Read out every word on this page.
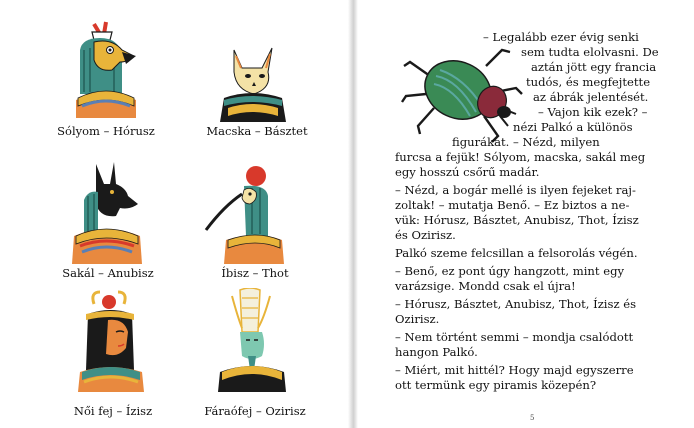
Sólyom – Hórusz	Macska – Básztet
Sakál – Anubisz	Íbisz – Thot
Női fej – Ízisz	Fáraófej – Ozirisz
– Legalább ezer évig senki
sem tudta elolvasni. De
aztán jött egy francia
tudós, és megfejtette
az ábrák jelentését.
– Vajon kik ezek? –
nézi Palkó a különös
figurákat. – Nézd, milyen
furcsa a fejük! Sólyom, macska, sakál meg
egy hosszú csőrű madár.
– Nézd, a bogár mellé is ilyen fejeket raj-
zoltak! – mutatja Benő. – Ez biztos a ne-
vük: Hórusz, Básztet, Anubisz, Thot, Ízisz
és Ozirisz.
Palkó szeme felcsillan a felsorolás végén.
– Benő, ez pont úgy hangzott, mint egy
varázsige. Mondd csak el újra!
– Hórusz, Básztet, Anubisz, Thot, Ízisz és
Ozirisz.
– Nem történt semmi – mondja csalódott
hangon Palkó.
– Miért, mit hittél? Hogy majd egyszerre
ott termünk egy piramis közepén?
5
